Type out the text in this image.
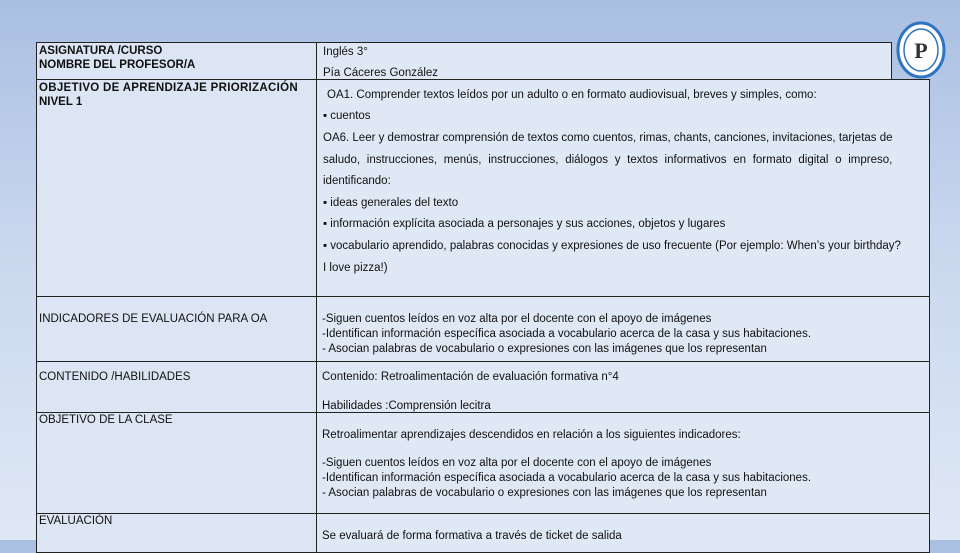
ASIGNATURA /CURSO
NOMBRE DEL PROFESOR/A
Inglés 3°
Pía Cáceres González
P
OBJETIVO DE APRENDIZAJE PRIORIZACIÓN
NIVEL 1
OA1. Comprender textos leídos por un adulto o en formato audiovisual, breves y simples, como:
▪ cuentos
OA6. Leer y demostrar comprensión de textos como cuentos, rimas, chants, canciones, invitaciones, tarjetas de
saludo, instrucciones, menús, instrucciones, diálogos y textos informativos en formato digital o impreso,
identificando:
▪ ideas generales del texto
▪ información explícita asociada a personajes y sus acciones, objetos y lugares
▪ vocabulario aprendido, palabras conocidas y expresiones de uso frecuente (Por ejemplo: When’s your birthday?
I love pizza!)
INDICADORES DE EVALUACIÓN PARA OA	-Siguen cuentos leídos en voz alta por el docente con el apoyo de imágenes
-Identifican información específica asociada a vocabulario acerca de la casa y sus habitaciones.
- Asocian palabras de vocabulario o expresiones con las imágenes que los representan
CONTENIDO /HABILIDADES	Contenido: Retroalimentación de evaluación formativa n°4
Habilidades :Comprensión lecitra
OBJETIVO DE LA CLASE
Retroalimentar aprendizajes descendidos en relación a los siguientes indicadores:
-Siguen cuentos leídos en voz alta por el docente con el apoyo de imágenes
-Identifican información específica asociada a vocabulario acerca de la casa y sus habitaciones.
- Asocian palabras de vocabulario o expresiones con las imágenes que los representan
EVALUACIÓN
Se evaluará de forma formativa a través de ticket de salida
